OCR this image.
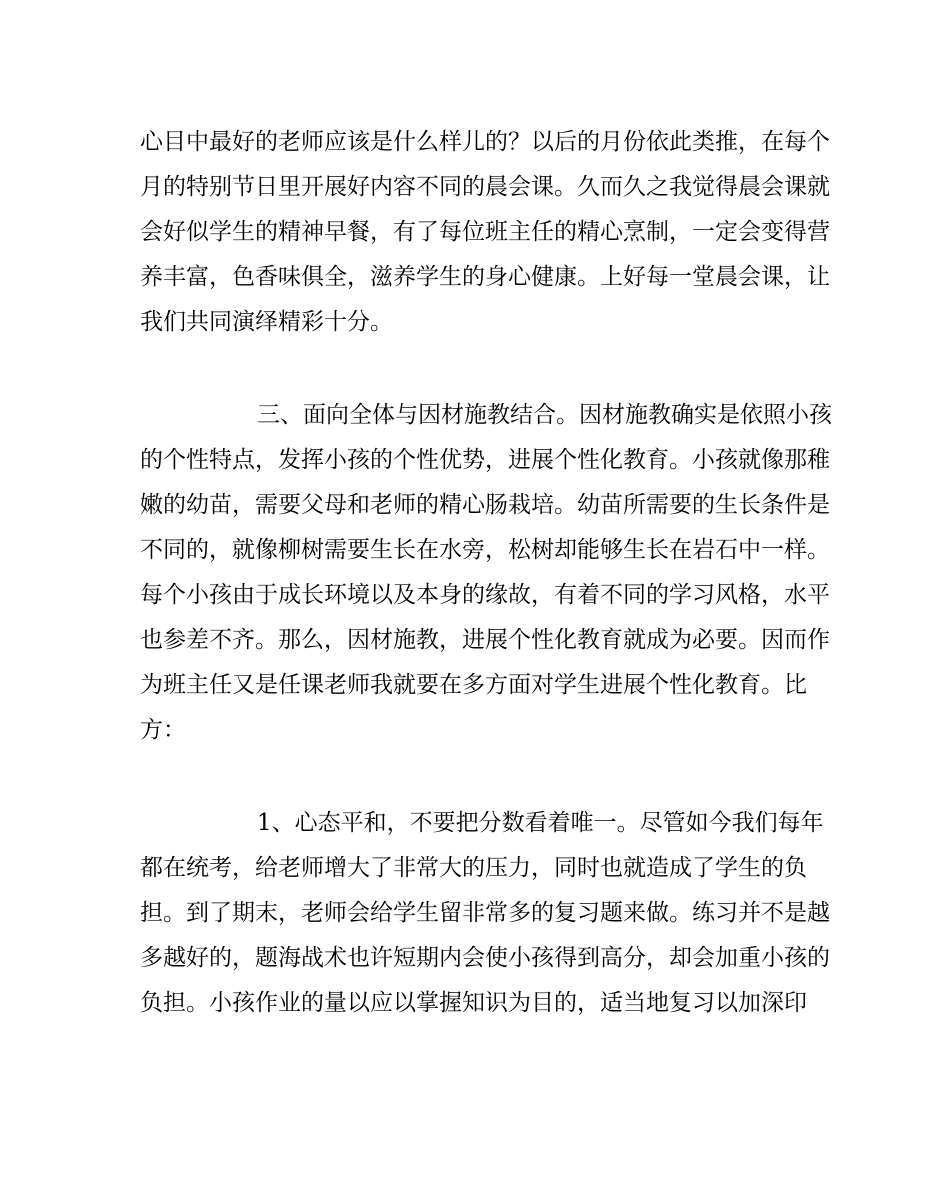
心目中最好的老师应该是什么样儿的？以后的月份依此类推，在每个
月的特别节日里开展好内容不同的晨会课。久而久之我觉得晨会课就
会好似学生的精神早餐，有了每位班主任的精心烹制，一定会变得营
养丰富，色香味俱全，滋养学生的身心健康。上好每一堂晨会课，让
我们共同演绎精彩十分。
三、面向全体与因材施教结合。因材施教确实是依照小孩
的个性特点，发挥小孩的个性优势，进展个性化教育。小孩就像那稚
嫩的幼苗，需要父母和老师的精心肠栽培。幼苗所需要的生长条件是
不同的，就像柳树需要生长在水旁，松树却能够生长在岩石中一样。
每个小孩由于成长环境以及本身的缘故，有着不同的学习风格，水平
也参差不齐。那么，因材施教，进展个性化教育就成为必要。因而作
为班主任又是任课老师我就要在多方面对学生进展个性化教育。比
方：
1、心态平和，不要把分数看着唯一。尽管如今我们每年
都在统考，给老师增大了非常大的压力，同时也就造成了学生的负
担。到了期末，老师会给学生留非常多的复习题来做。练习并不是越
多越好的，题海战术也许短期内会使小孩得到高分，却会加重小孩的
负担。小孩作业的量以应以掌握知识为目的，适当地复习以加深印
